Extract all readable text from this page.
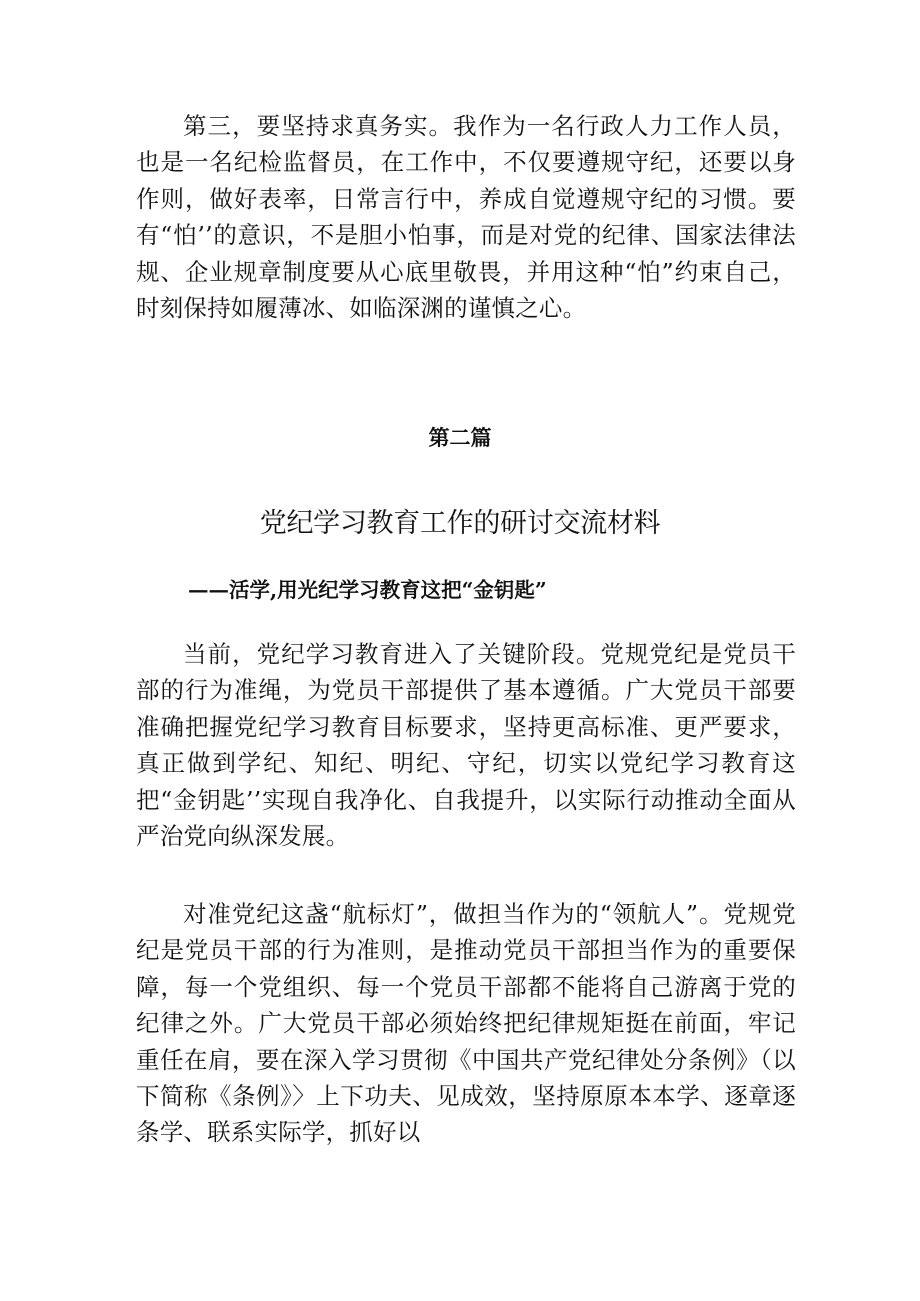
第三，要坚持求真务实。我作为一名行政人力工作人员，也是一名纪检监督员，在工作中，不仅要遵规守纪，还要以身作则，做好表率，日常言行中，养成自觉遵规守纪的习惯。要有“怕’’的意识，不是胆小怕事，而是对党的纪律、国家法律法规、企业规章制度要从心底里敬畏，并用这种“怕”约束自己，时刻保持如履薄冰、如临深渊的谨慎之心。
第二篇
党纪学习教育工作的研讨交流材料
——活学,用光纪学习教育这把“金钥匙”
当前，党纪学习教育进入了关键阶段。党规党纪是党员干部的行为准绳，为党员干部提供了基本遵循。广大党员干部要准确把握党纪学习教育目标要求，坚持更高标准、更严要求，真正做到学纪、知纪、明纪、守纪，切实以党纪学习教育这把“金钥匙’’实现自我净化、自我提升，以实际行动推动全面从严治党向纵深发展。
对准党纪这盏“航标灯”，做担当作为的“领航人”。党规党纪是党员干部的行为准则，是推动党员干部担当作为的重要保障，每一个党组织、每一个党员干部都不能将自己游离于党的纪律之外。广大党员干部必须始终把纪律规矩挺在前面，牢记重任在肩，要在深入学习贯彻《中国共产党纪律处分条例》（以下简称《条例》〉上下功夫、见成效，坚持原原本本学、逐章逐条学、联系实际学，抓好以
